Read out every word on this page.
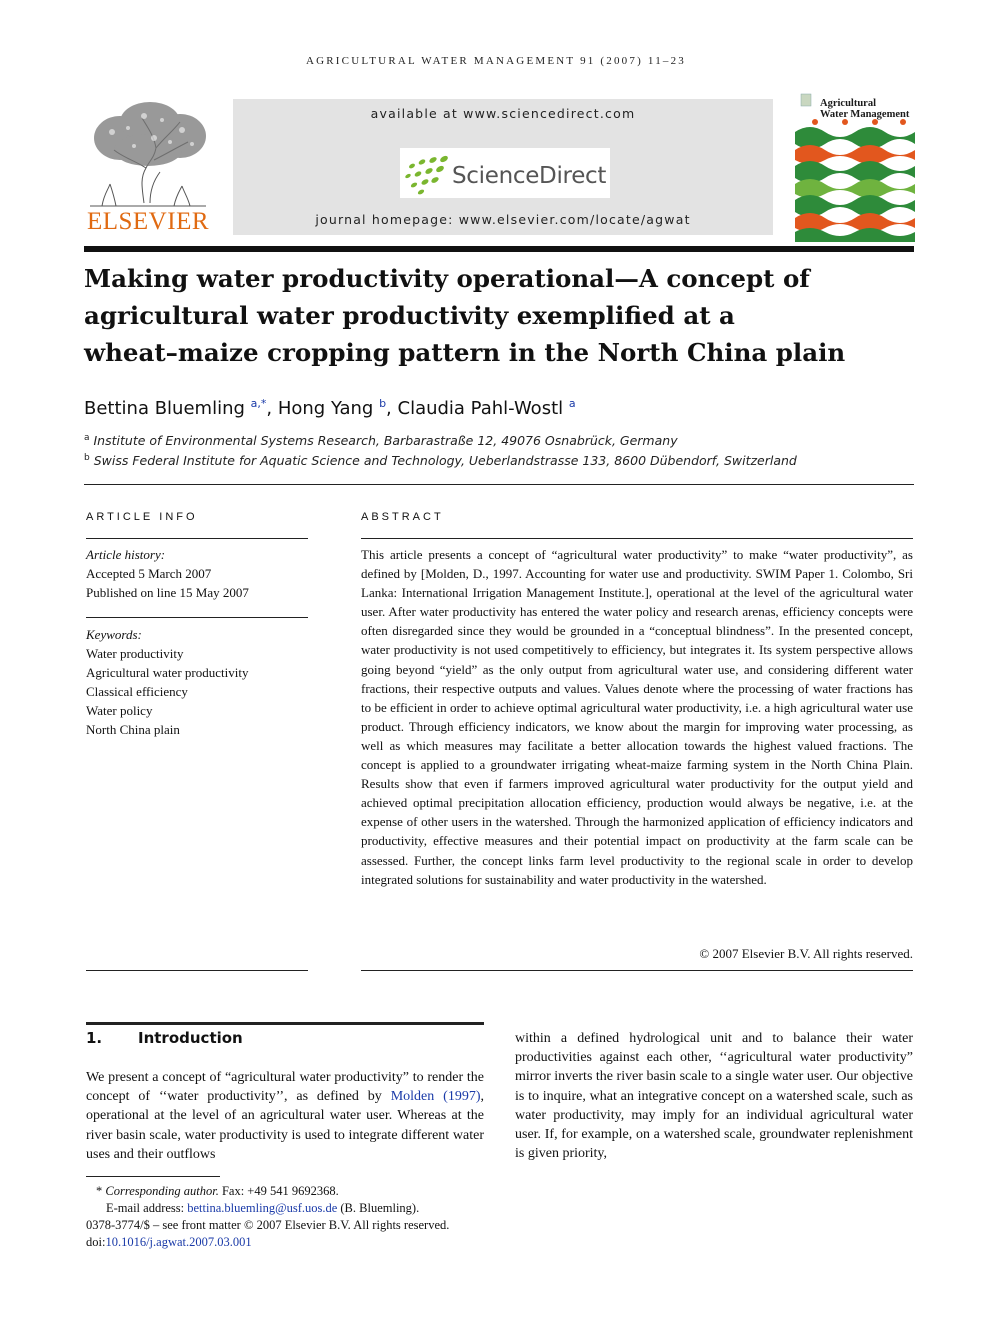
AGRICULTURAL WATER MANAGEMENT 91 (2007) 11–23
ELSEVIER
available at www.sciencedirect.com
ScienceDirect
journal homepage: www.elsevier.com/locate/agwat
Agricultural
Water Management
Making water productivity operational—A concept of
agricultural water productivity exemplified at a
wheat–maize cropping pattern in the North China plain
Bettina Bluemling $^{a,*}$, Hong Yang $^b$, Claudia Pahl-Wostl $^a$
$^a$ Institute of Environmental Systems Research, Barbarastraße 12, 49076 Osnabrück, Germany
$^b$ Swiss Federal Institute for Aquatic Science and Technology, Ueberlandstrasse 133, 8600 Dübendorf, Switzerland
ARTICLE INFO
Article history:
Accepted 5 March 2007
Published on line 15 May 2007
Keywords:
Water productivity
Agricultural water productivity
Classical efficiency
Water policy
North China plain
ABSTRACT
This article presents a concept of “agricultural water productivity” to make “water productivity”, as defined by [Molden, D., 1997. Accounting for water use and productivity. SWIM Paper 1. Colombo, Sri Lanka: International Irrigation Management Institute.], operational at the level of the agricultural water user. After water productivity has entered the water policy and research arenas, efficiency concepts were often disregarded since they would be grounded in a “conceptual blindness”. In the presented concept, water productivity is not used competitively to efficiency, but integrates it. Its system perspective allows going beyond “yield” as the only output from agricultural water use, and considering different water fractions, their respective outputs and values. Values denote where the processing of water fractions has to be efficient in order to achieve optimal agricultural water productivity, i.e. a high agricultural water use product. Through efficiency indicators, we know about the margin for improving water processing, as well as which measures may facilitate a better allocation towards the highest valued fractions. The concept is applied to a groundwater irrigating wheat-maize farming system in the North China Plain. Results show that even if farmers improved agricultural water productivity for the output yield and achieved optimal precipitation allocation efficiency, production would always be negative, i.e. at the expense of other users in the watershed. Through the harmonized application of efficiency indicators and productivity, effective measures and their potential impact on productivity at the farm scale can be assessed. Further, the concept links farm level productivity to the regional scale in order to develop integrated solutions for sustainability and water productivity in the watershed.
© 2007 Elsevier B.V. All rights reserved.
1. Introduction
We present a concept of “agricultural water productivity” to render the concept of ‘‘water productivity’’, as defined by Molden (1997), operational at the level of an agricultural water user. Whereas at the river basin scale, water productivity is used to integrate different water uses and their outflows
within a defined hydrological unit and to balance their water productivities against each other, ‘‘agricultural water productivity” mirror inverts the river basin scale to a single water user. Our objective is to inquire, what an integrative concept on a watershed scale, such as water productivity, may imply for an individual agricultural water user. If, for example, on a watershed scale, groundwater replenishment is given priority,
* Corresponding author. Fax: +49 541 9692368.
E-mail address: bettina.bluemling@usf.uos.de (B. Bluemling).
0378-3774/$ – see front matter © 2007 Elsevier B.V. All rights reserved.
doi:10.1016/j.agwat.2007.03.001
